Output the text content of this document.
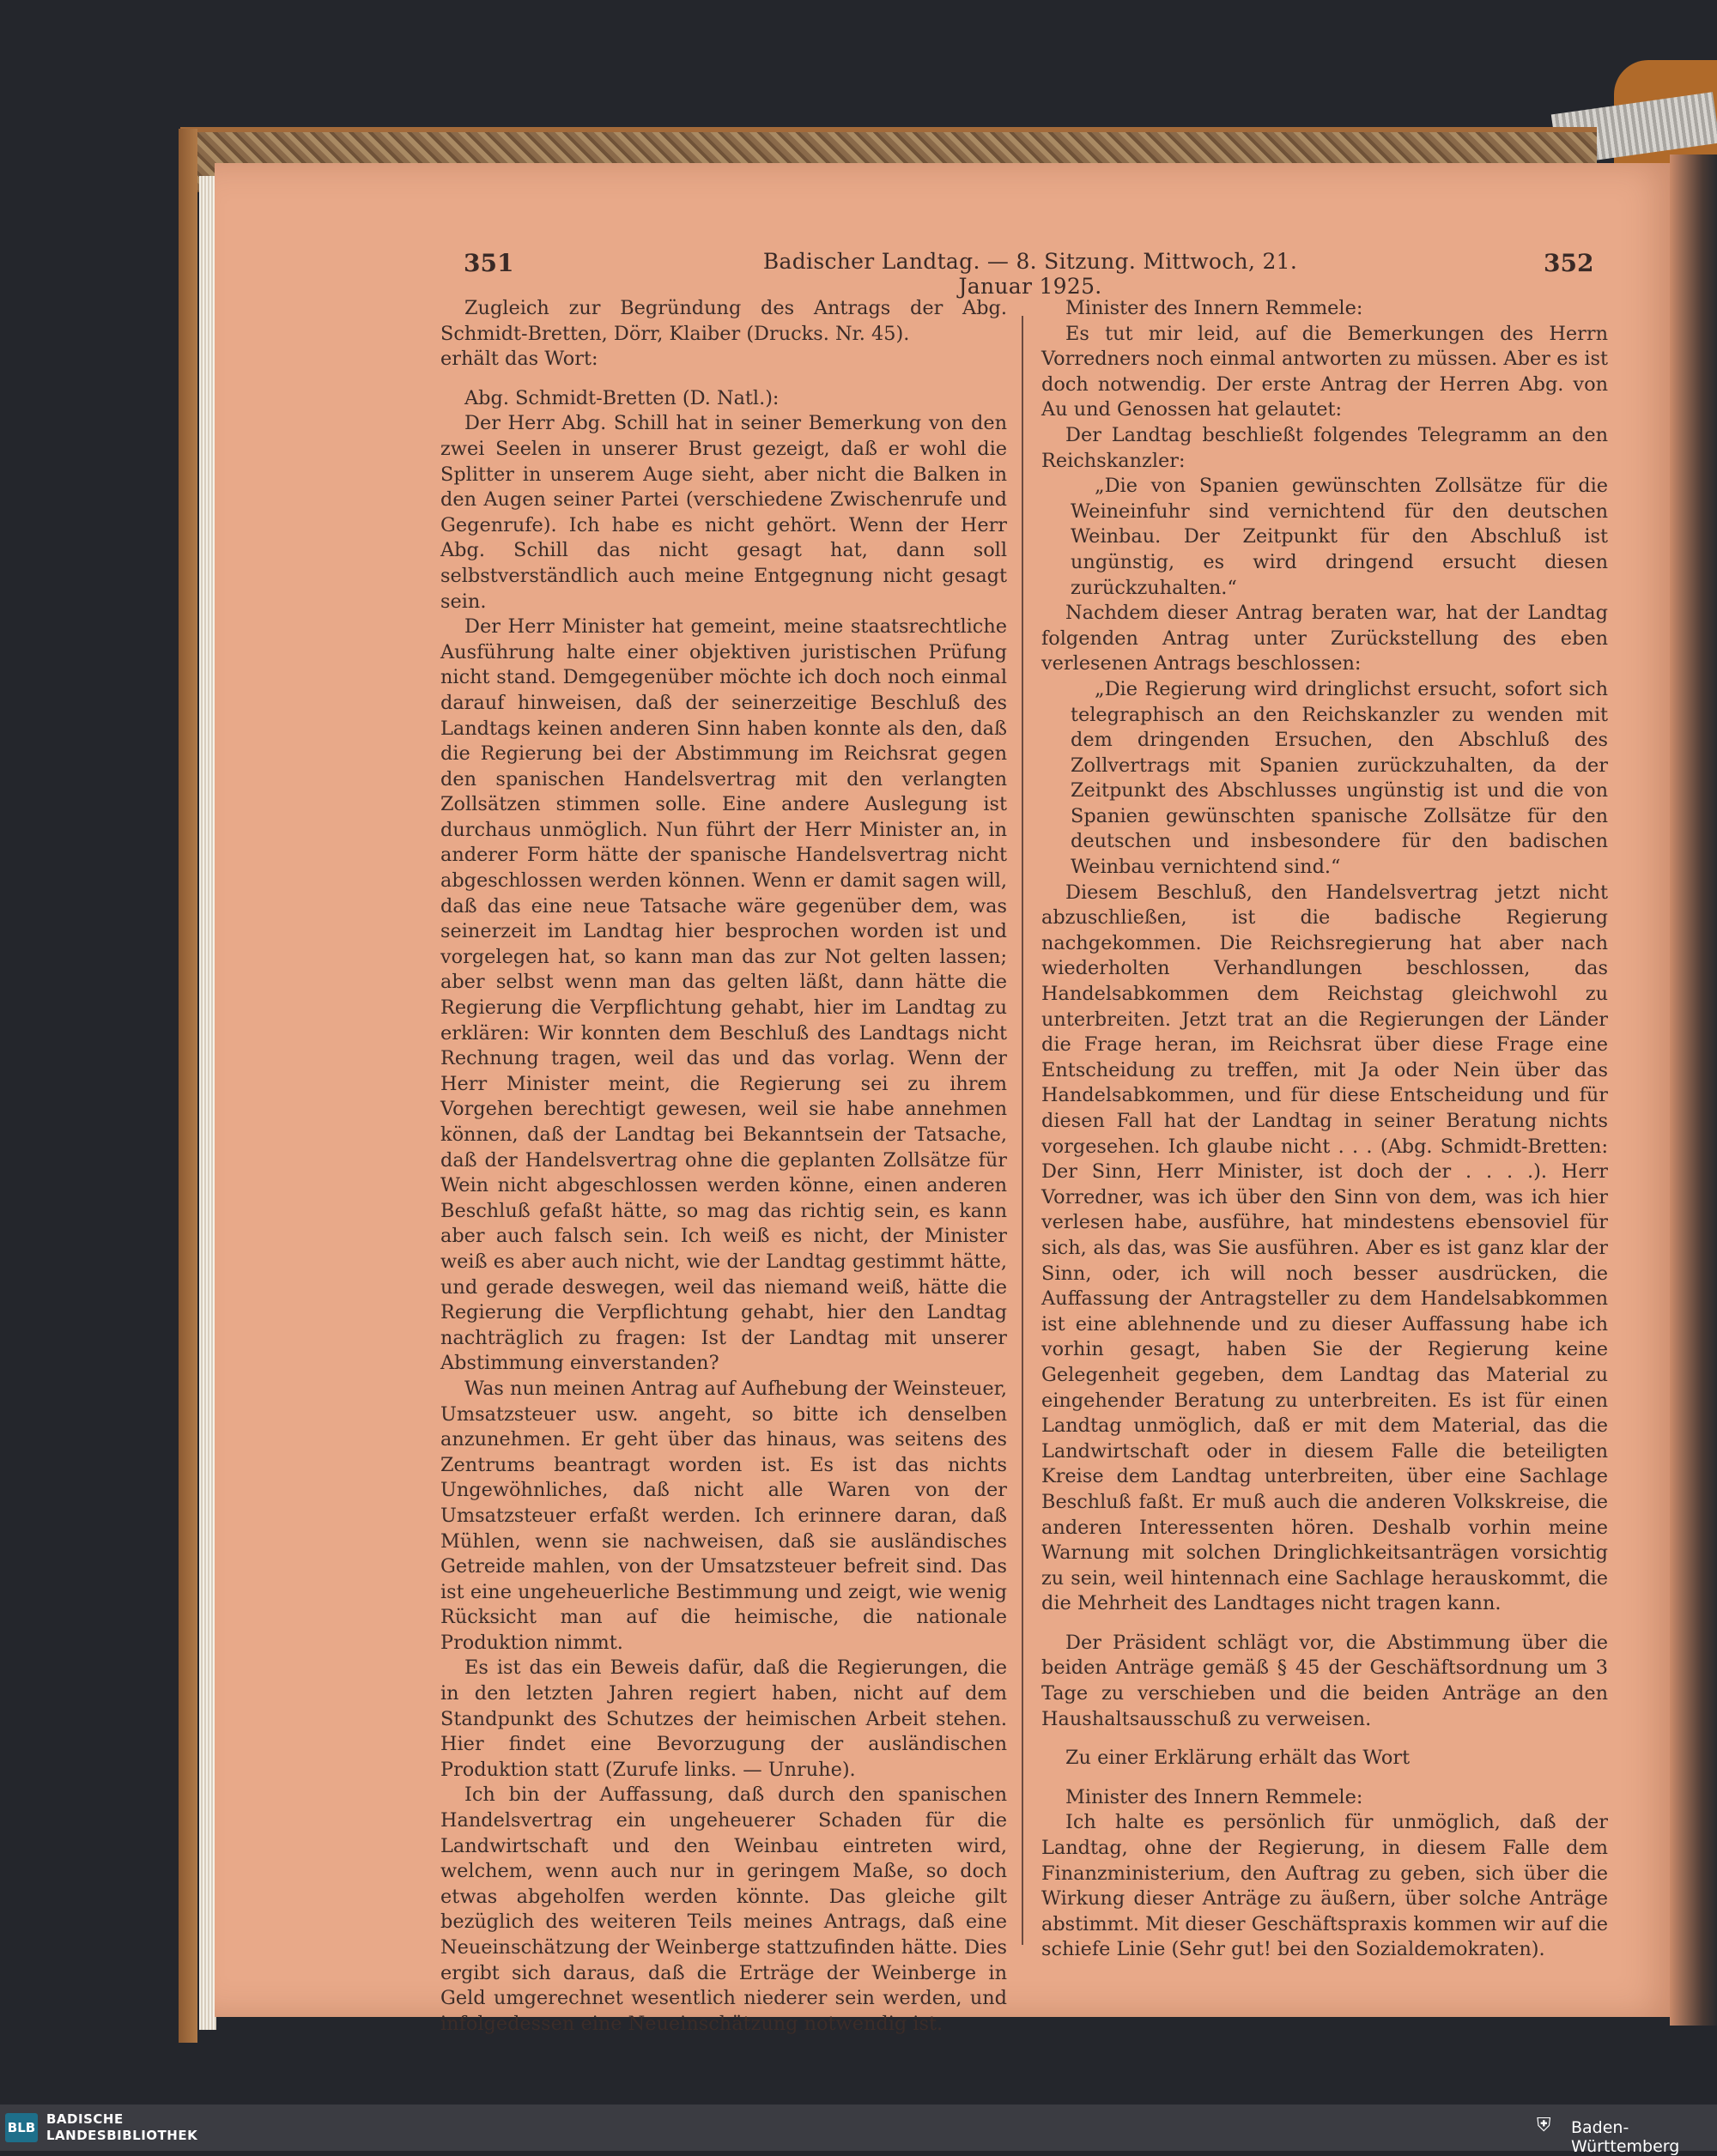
351	Badischer Landtag. — 8. Sitzung. Mittwoch, 21. Januar 1925.
352

Zugleich zur Begründung des Antrags der Abg. Schmidt-Bretten, Dörr, Klaiber (Drucks. Nr. 45).

erhält das Wort:

Abg. Schmidt-Bretten (D. Natl.):

Der Herr Abg. Schill hat in seiner Bemerkung von den zwei Seelen in unserer Brust gezeigt, daß er wohl die Splitter in unserem Auge sieht, aber nicht die Balken in den Augen seiner Partei (verschiedene Zwischenrufe und Gegenrufe). Ich habe es nicht gehört. Wenn der Herr Abg. Schill das nicht gesagt hat, dann soll selbstverständlich auch meine Entgegnung nicht gesagt sein.

Der Herr Minister hat gemeint, meine staatsrechtliche Ausführung halte einer objektiven juristischen Prüfung nicht stand. Demgegenüber möchte ich doch noch einmal darauf hinweisen, daß der seinerzeitige Beschluß des Landtags keinen anderen Sinn haben konnte als den, daß die Regierung bei der Abstimmung im Reichsrat gegen den spanischen Handelsvertrag mit den verlangten Zollsätzen stimmen solle. Eine andere Auslegung ist durchaus unmöglich. Nun führt der Herr Minister an, in anderer Form hätte der spanische Handelsvertrag nicht abgeschlossen werden können. Wenn er damit sagen will, daß das eine neue Tatsache wäre gegenüber dem, was seinerzeit im Landtag hier besprochen worden ist und vorgelegen hat, so kann man das zur Not gelten lassen; aber selbst wenn man das gelten läßt, dann hätte die Regierung die Verpflichtung gehabt, hier im Landtag zu erklären: Wir konnten dem Beschluß des Landtags nicht Rechnung tragen, weil das und das vorlag. Wenn der Herr Minister meint, die Regierung sei zu ihrem Vorgehen berechtigt gewesen, weil sie habe annehmen können, daß der Landtag bei Bekanntsein der Tatsache, daß der Handelsvertrag ohne die geplanten Zollsätze für Wein nicht abgeschlossen werden könne, einen anderen Beschluß gefaßt hätte, so mag das richtig sein, es kann aber auch falsch sein. Ich weiß es nicht, der Minister weiß es aber auch nicht, wie der Landtag gestimmt hätte, und gerade deswegen, weil das niemand weiß, hätte die Regierung die Verpflichtung gehabt, hier den Landtag nachträglich zu fragen: Ist der Landtag mit unserer Abstimmung einverstanden?

Was nun meinen Antrag auf Aufhebung der Weinsteuer, Umsatzsteuer usw. angeht, so bitte ich denselben anzunehmen. Er geht über das hinaus, was seitens des Zentrums beantragt worden ist. Es ist das nichts Ungewöhnliches, daß nicht alle Waren von der Umsatzsteuer erfaßt werden. Ich erinnere daran, daß Mühlen, wenn sie nachweisen, daß sie ausländisches Getreide mahlen, von der Umsatzsteuer befreit sind. Das ist eine ungeheuerliche Bestimmung und zeigt, wie wenig Rücksicht man auf die heimische, die nationale Produktion nimmt.

Es ist das ein Beweis dafür, daß die Regierungen, die in den letzten Jahren regiert haben, nicht auf dem Standpunkt des Schutzes der heimischen Arbeit stehen. Hier findet eine Bevorzugung der ausländischen Produktion statt (Zurufe links. — Unruhe).

Ich bin der Auffassung, daß durch den spanischen Handelsvertrag ein ungeheuerer Schaden für die Landwirtschaft und den Weinbau eintreten wird, welchem, wenn auch nur in geringem Maße, so doch etwas abgeholfen werden könnte. Das gleiche gilt bezüglich des weiteren Teils meines Antrags, daß eine Neueinschätzung der Weinberge stattzufinden hätte. Dies ergibt sich daraus, daß die Erträge der Weinberge in Geld umgerechnet wesentlich niederer sein werden, und infolgedessen eine Neueinschätzung notwendig ist.

Minister des Innern Remmele:

Es tut mir leid, auf die Bemerkungen des Herrn Vorredners noch einmal antworten zu müssen. Aber es ist doch notwendig. Der erste Antrag der Herren Abg. von Au und Genossen hat gelautet:

Der Landtag beschließt folgendes Telegramm an den Reichskanzler:

„Die von Spanien gewünschten Zollsätze für die Weineinfuhr sind vernichtend für den deutschen Weinbau. Der Zeitpunkt für den Abschluß ist ungünstig, es wird dringend ersucht diesen zurückzuhalten.“

Nachdem dieser Antrag beraten war, hat der Landtag folgenden Antrag unter Zurückstellung des eben verlesenen Antrags beschlossen:

„Die Regierung wird dringlichst ersucht, sofort sich telegraphisch an den Reichskanzler zu wenden mit dem dringenden Ersuchen, den Abschluß des Zollvertrags mit Spanien zurückzuhalten, da der Zeitpunkt des Abschlusses ungünstig ist und die von Spanien gewünschten spanische Zollsätze für den deutschen und insbesondere für den badischen Weinbau vernichtend sind.“

Diesem Beschluß, den Handelsvertrag jetzt nicht abzuschließen, ist die badische Regierung nachgekommen. Die Reichsregierung hat aber nach wiederholten Verhandlungen beschlossen, das Handelsabkommen dem Reichstag gleichwohl zu unterbreiten. Jetzt trat an die Regierungen der Länder die Frage heran, im Reichsrat über diese Frage eine Entscheidung zu treffen, mit Ja oder Nein über das Handelsabkommen, und für diese Entscheidung und für diesen Fall hat der Landtag in seiner Beratung nichts vorgesehen. Ich glaube nicht . . . (Abg. Schmidt-Bretten: Der Sinn, Herr Minister, ist doch der . . . .). Herr Vorredner, was ich über den Sinn von dem, was ich hier verlesen habe, ausführe, hat mindestens ebensoviel für sich, als das, was Sie ausführen. Aber es ist ganz klar der Sinn, oder, ich will noch besser ausdrücken, die Auffassung der Antragsteller zu dem Handelsabkommen ist eine ablehnende und zu dieser Auffassung habe ich vorhin gesagt, haben Sie der Regierung keine Gelegenheit gegeben, dem Landtag das Material zu eingehender Beratung zu unterbreiten. Es ist für einen Landtag unmöglich, daß er mit dem Material, das die Landwirtschaft oder in diesem Falle die beteiligten Kreise dem Landtag unterbreiten, über eine Sachlage Beschluß faßt. Er muß auch die anderen Volkskreise, die anderen Interessenten hören. Deshalb vorhin meine Warnung mit solchen Dringlichkeitsanträgen vorsichtig zu sein, weil hintennach eine Sachlage herauskommt, die die Mehrheit des Landtages nicht tragen kann.

Der Präsident schlägt vor, die Abstimmung über die beiden Anträge gemäß § 45 der Geschäftsordnung um 3 Tage zu verschieben und die beiden Anträge an den Haushaltsausschuß zu verweisen.

Zu einer Erklärung erhält das Wort

Minister des Innern Remmele:

Ich halte es persönlich für unmöglich, daß der Landtag, ohne der Regierung, in diesem Falle dem Finanzministerium, den Auftrag zu geben, sich über die Wirkung dieser Anträge zu äußern, über solche Anträge abstimmt. Mit dieser Geschäftspraxis kommen wir auf die schiefe Linie (Sehr gut! bei den Sozialdemokraten).

BLB
BADISCHE
LANDESBIBLIOTHEK	⛨	Baden-Württemberg
